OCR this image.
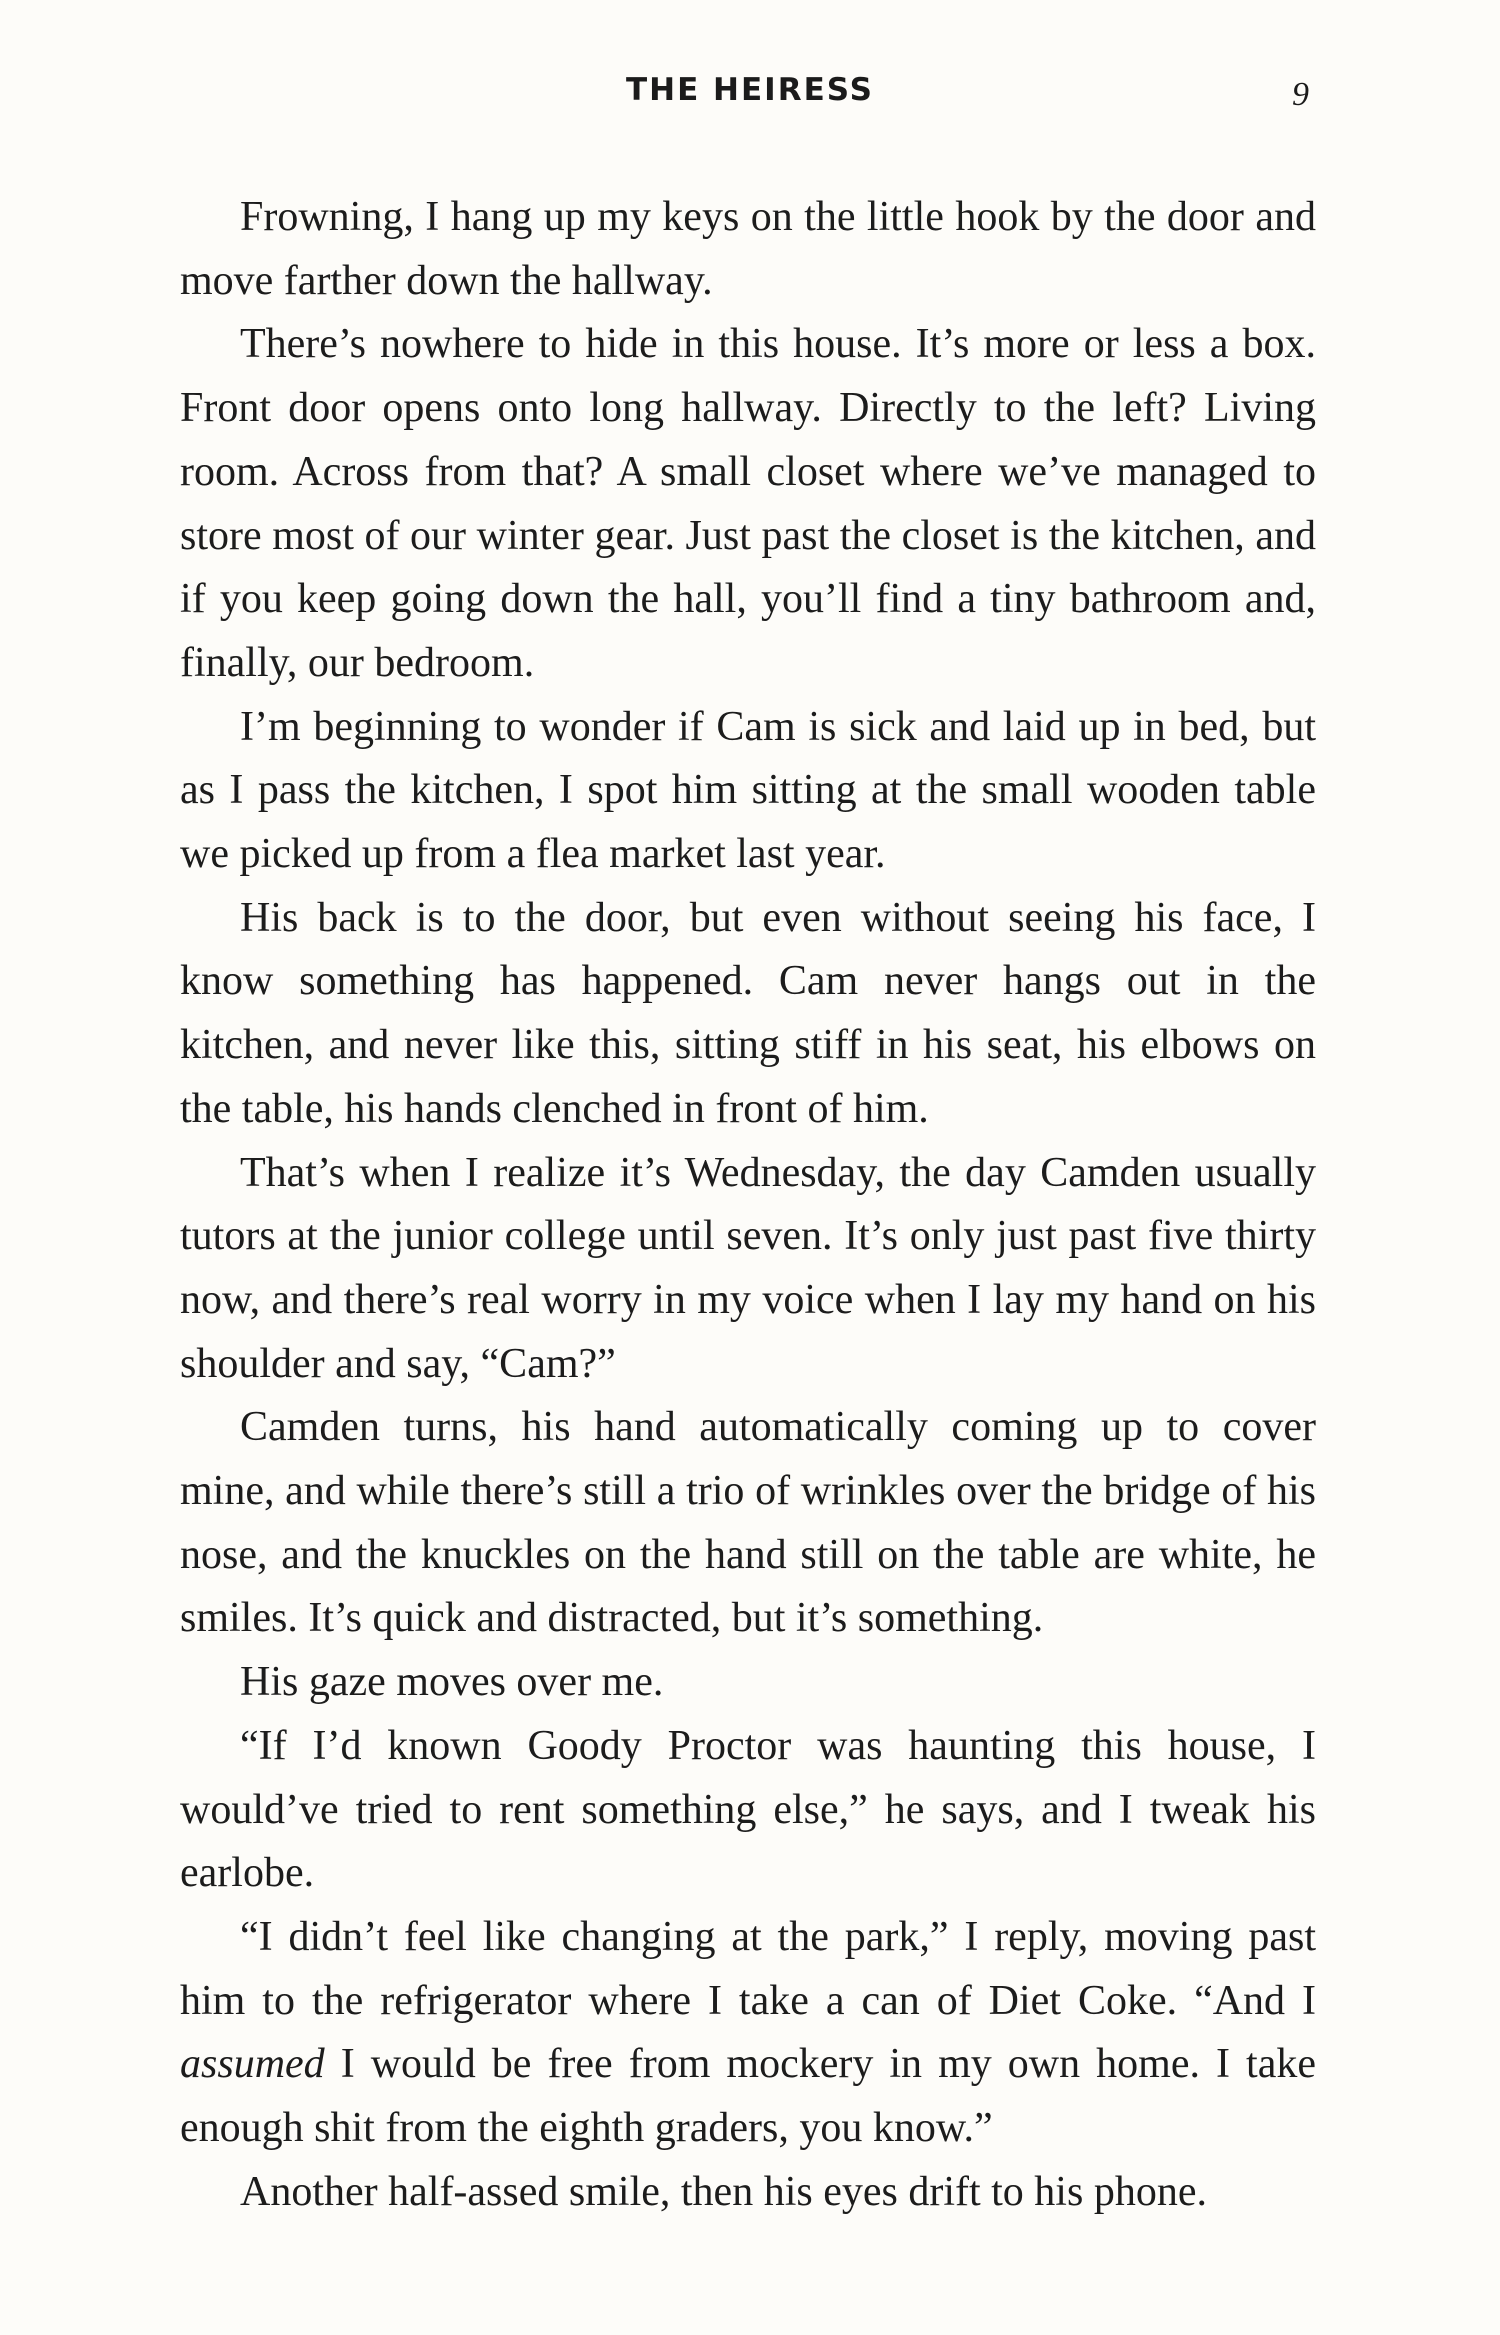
THE HEIRESS	9

Frowning, I hang up my keys on the little hook by the door and move farther down the hallway.

There’s nowhere to hide in this house. It’s more or less a box. Front door opens onto long hallway. Directly to the left? Living room. Across from that? A small closet where we’ve managed to store most of our winter gear. Just past the closet is the kitchen, and if you keep going down the hall, you’ll find a tiny bathroom and, finally, our bedroom.

I’m beginning to wonder if Cam is sick and laid up in bed, but as I pass the kitchen, I spot him sitting at the small wooden table we picked up from a flea market last year.

His back is to the door, but even without seeing his face, I know something has happened. Cam never hangs out in the kitchen, and never like this, sitting stiff in his seat, his elbows on the table, his hands clenched in front of him.

That’s when I realize it’s Wednesday, the day Camden usually tutors at the junior college until seven. It’s only just past five thirty now, and there’s real worry in my voice when I lay my hand on his shoulder and say, “Cam?”

Camden turns, his hand automatically coming up to cover mine, and while there’s still a trio of wrinkles over the bridge of his nose, and the knuckles on the hand still on the table are white, he smiles. It’s quick and distracted, but it’s something.

His gaze moves over me.

“If I’d known Goody Proctor was haunting this house, I would’ve tried to rent something else,” he says, and I tweak his earlobe.

“I didn’t feel like changing at the park,” I reply, moving past him to the refrigerator where I take a can of Diet Coke. “And I assumed I would be free from mockery in my own home. I take enough shit from the eighth graders, you know.”

Another half-assed smile, then his eyes drift to his phone.
